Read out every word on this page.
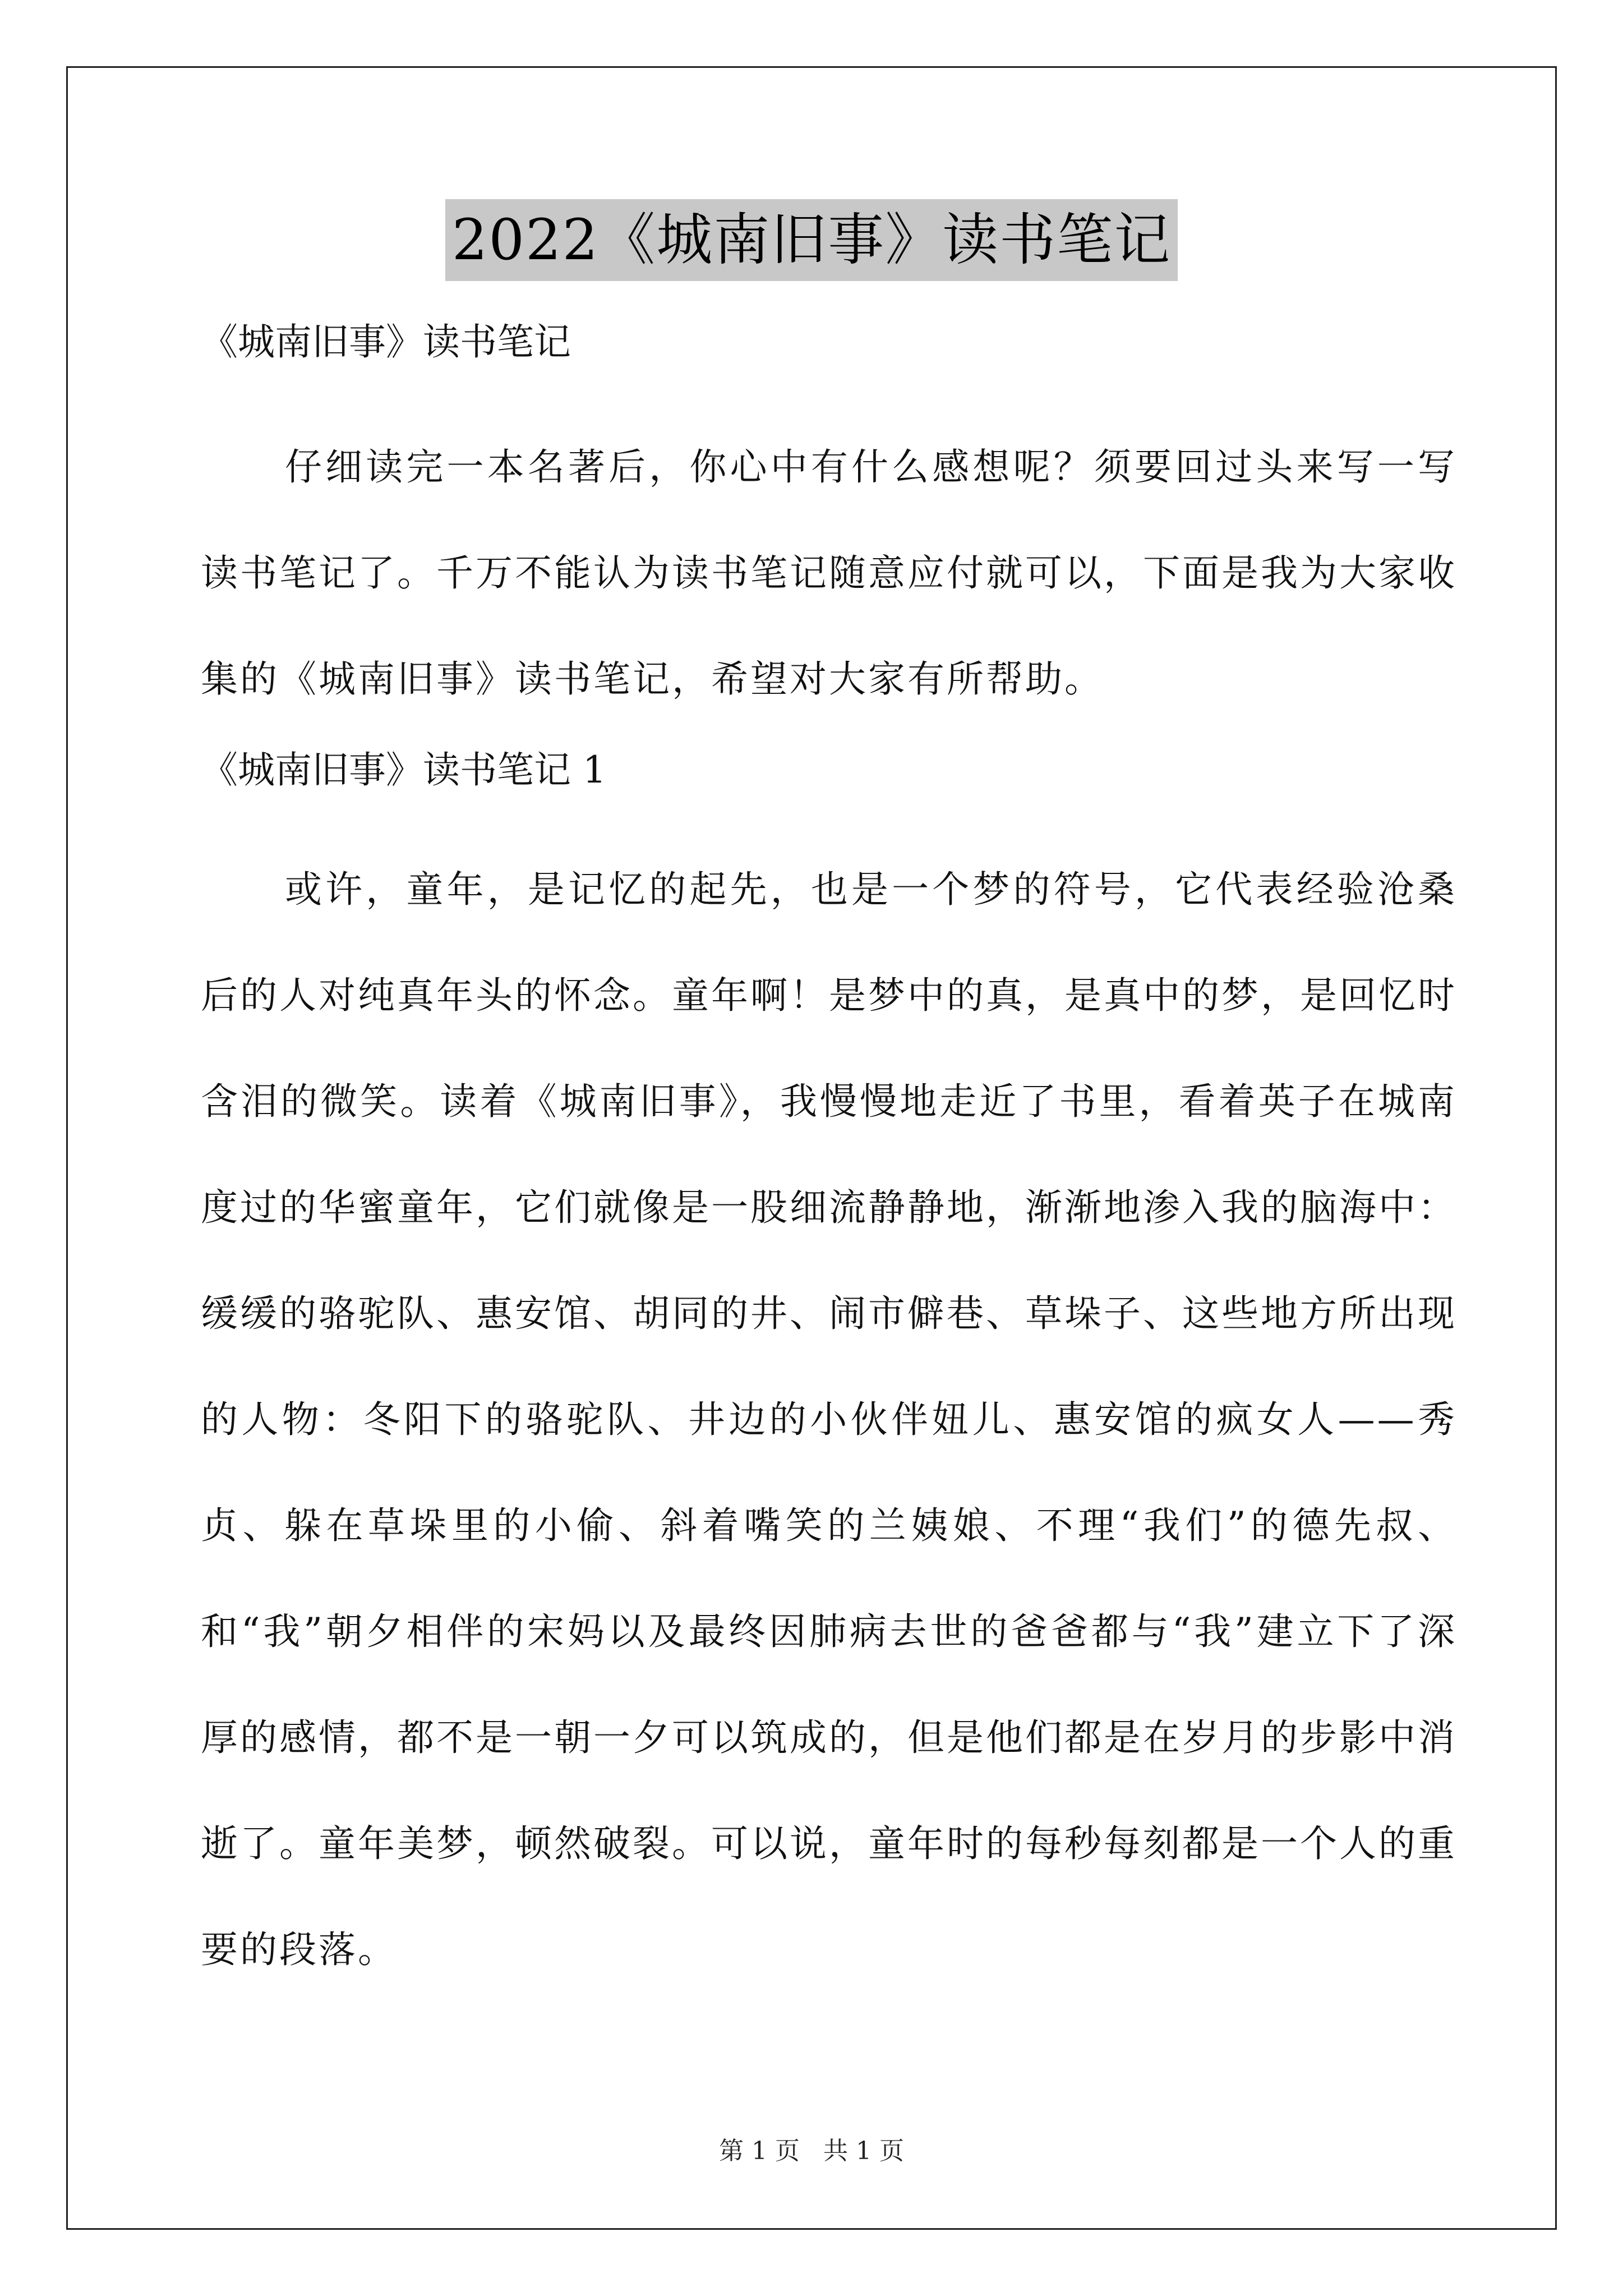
2022《城南旧事》读书笔记
《城南旧事》读书笔记

仔细读完一本名著后，你心中有什么感想呢？须要回过头来写一写读书笔记了。千万不能认为读书笔记随意应付就可以，下面是我为大家收集的《城南旧事》读书笔记，希望对大家有所帮助。

《城南旧事》读书笔记 1

或许，童年，是记忆的起先，也是一个梦的符号，它代表经验沧桑后的人对纯真年头的怀念。童年啊！是梦中的真，是真中的梦，是回忆时含泪的微笑。读着《城南旧事》，我慢慢地走近了书里，看着英子在城南度过的华蜜童年，它们就像是一股细流静静地，渐渐地渗入我的脑海中：缓缓的骆驼队、惠安馆、胡同的井、闹市僻巷、草垛子、这些地方所出现的人物：冬阳下的骆驼队、井边的小伙伴妞儿、惠安馆的疯女人——秀贞、躲在草垛里的小偷、斜着嘴笑的兰姨娘、不理“我们”的德先叔、和“我”朝夕相伴的宋妈以及最终因肺病去世的爸爸都与“我”建立下了深厚的感情，都不是一朝一夕可以筑成的，但是他们都是在岁月的步影中消逝了。童年美梦，顿然破裂。可以说，童年时的每秒每刻都是一个人的重要的段落。

第 1 页   共 1 页
